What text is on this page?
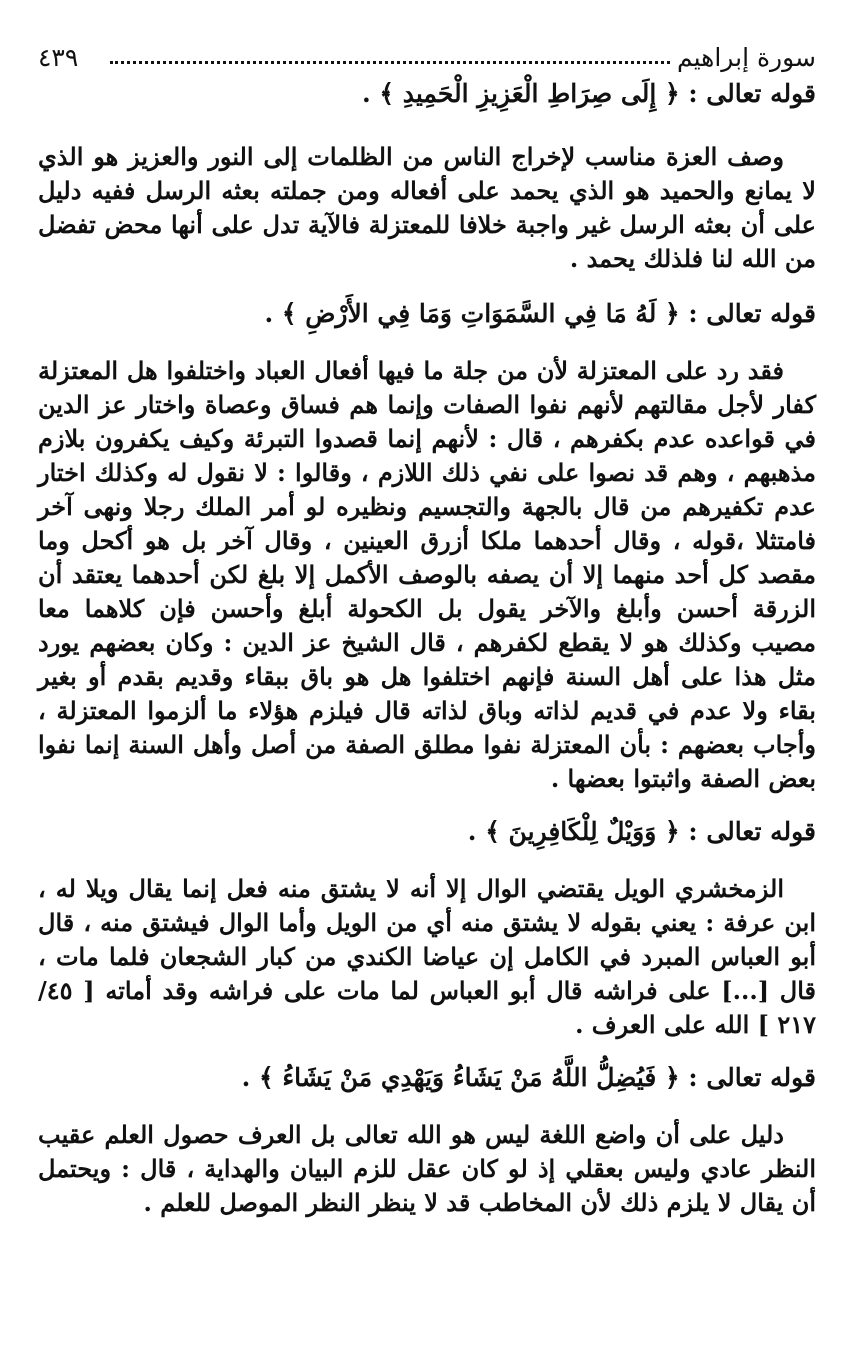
سورة إبراهيم
٤٣٩

قوله تعالى : ﴿ إِلَى صِرَاطِ الْعَزِيزِ الْحَمِيدِ ﴾ .

وصف العزة مناسب لإخراج الناس من الظلمات إلى النور والعزيز هو الذي لا يمانع والحميد هو الذي يحمد على أفعاله ومن جملته بعثه الرسل ففيه دليل على أن بعثه الرسل غير واجبة خلافا للمعتزلة فالآية تدل على أنها محض تفضل من الله لنا فلذلك يحمد .

قوله تعالى : ﴿ لَهُ مَا فِي السَّمَوَاتِ وَمَا فِي الأَرْضِ ﴾ .

فقد رد على المعتزلة لأن من جلة ما فيها أفعال العباد واختلفوا هل المعتزلة كفار لأجل مقالتهم لأنهم نفوا الصفات وإنما هم فساق وعصاة واختار عز الدين في قواعده عدم بكفرهم ، قال : لأنهم إنما قصدوا التبرئة وكيف يكفرون بلازم مذهبهم ، وهم قد نصوا على نفي ذلك اللازم ، وقالوا : لا نقول له وكذلك اختار عدم تكفيرهم من قال بالجهة والتجسيم ونظيره لو أمر الملك رجلا ونهى آخر فامتثلا ،قوله ، وقال أحدهما ملكا أزرق العينين ، وقال آخر بل هو أكحل وما مقصد كل أحد منهما إلا أن يصفه بالوصف الأكمل إلا بلغ لكن أحدهما يعتقد أن الزرقة أحسن وأبلغ والآخر يقول بل الكحولة أبلغ وأحسن فإن كلاهما معا مصيب وكذلك هو لا يقطع لكفرهم ، قال الشيخ عز الدين : وكان بعضهم يورد مثل هذا على أهل السنة فإنهم اختلفوا هل هو باق ببقاء وقديم بقدم أو بغير بقاء ولا عدم في قديم لذاته وباق لذاته قال فيلزم هؤلاء ما ألزموا المعتزلة ، وأجاب بعضهم : بأن المعتزلة نفوا مطلق الصفة من أصل وأهل السنة إنما نفوا بعض الصفة واثبتوا بعضها .

قوله تعالى : ﴿ وَوَيْلٌ لِلْكَافِرِينَ ﴾ .

الزمخشري الويل يقتضي الوال إلا أنه لا يشتق منه فعل إنما يقال ويلا له ، ابن عرفة : يعني بقوله لا يشتق منه أي من الويل وأما الوال فيشتق منه ، قال أبو العباس المبرد في الكامل إن عياضا الكندي من كبار الشجعان فلما مات ، قال [...] على فراشه قال أبو العباس لما مات على فراشه وقد أماته [ ٤٥/ ٢١٧ ] الله على العرف .

قوله تعالى : ﴿ فَيُضِلُّ اللَّهُ مَنْ يَشَاءُ وَيَهْدِي مَنْ يَشَاءُ ﴾ .

دليل على أن واضع اللغة ليس هو الله تعالى بل العرف حصول العلم عقيب النظر عادي وليس بعقلي إذ لو كان عقل للزم البيان والهداية ، قال : ويحتمل أن يقال لا يلزم ذلك لأن المخاطب قد لا ينظر النظر الموصل للعلم .
